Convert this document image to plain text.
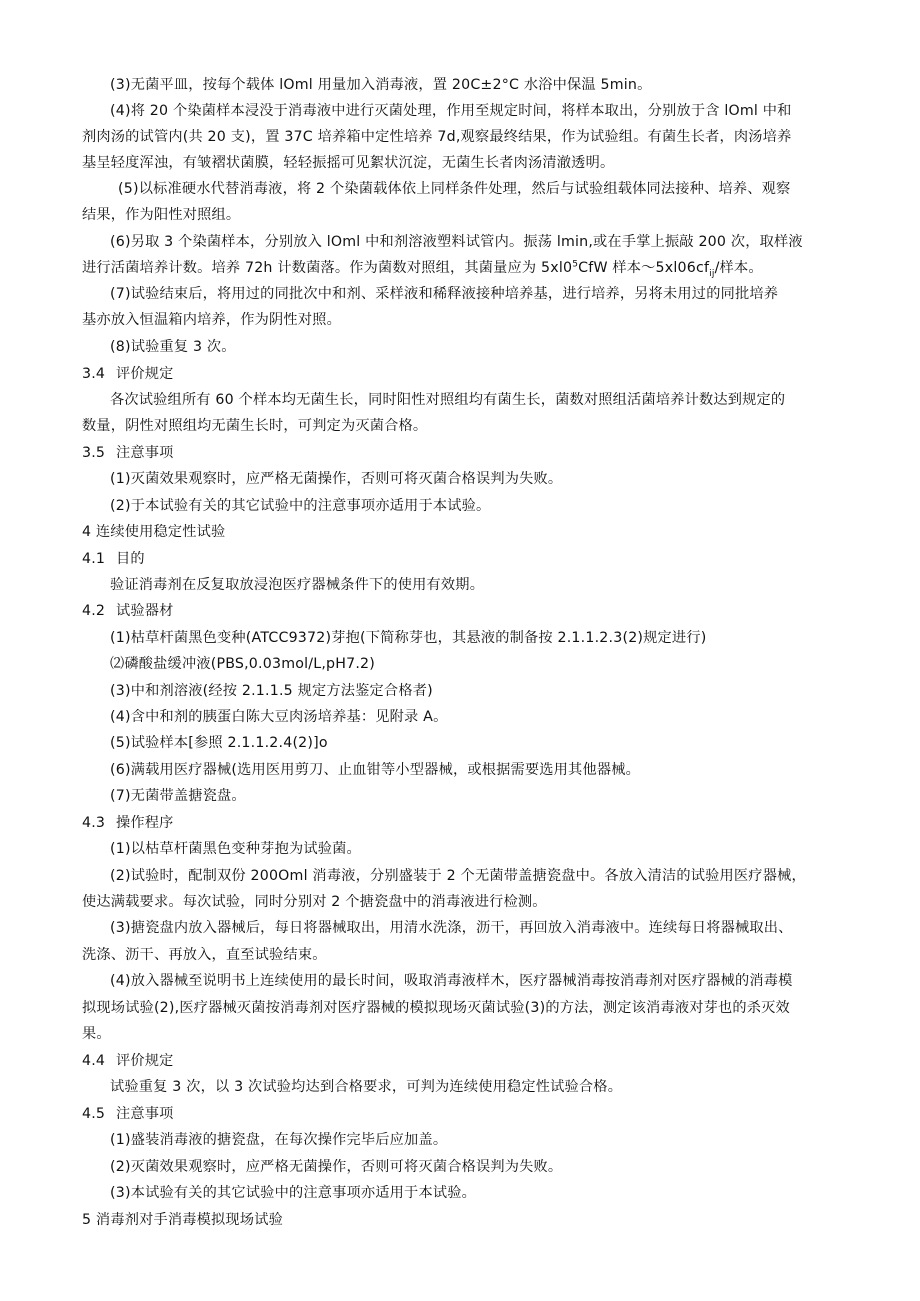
(3)无菌平皿，按每个载体 lOml 用量加入消毒液，置 20C±2°C 水浴中保温 5min。
(4)将 20 个染菌样本浸没于消毒液中进行灭菌处理，作用至规定时间，将样本取出，分别放于含 lOml 中和
剂肉汤的试管内(共 20 支)，置 37C 培养箱中定性培养 7d,观察最终结果，作为试验组。有菌生长者，肉汤培养
基呈轻度浑浊，有皱褶状菌膜，轻轻振摇可见絮状沉淀，无菌生长者肉汤清澈透明。
(5)以标准硬水代替消毒液，将 2 个染菌载体依上同样条件处理，然后与试验组载体同法接种、培养、观察
结果，作为阳性对照组。
(6)另取 3 个染菌样本，分别放入 lOml 中和剂溶液塑料试管内。振荡 lmin,或在手掌上振敲 200 次，取样液
进行活菌培养计数。培养 72h 计数菌落。作为菌数对照组，其菌量应为 $5xl0^5CfW$ 样本$\sim 5xl06cf_{ij}/$样本。
(7)试验结束后，将用过的同批次中和剂、采样液和稀释液接种培养基，进行培养，另将未用过的同批培养
基亦放入恒温箱内培养，作为阴性对照。
(8)试验重复 3 次。
3.4 评价规定
各次试验组所有 60 个样本均无菌生长，同时阳性对照组均有菌生长，菌数对照组活菌培养计数达到规定的
数量，阴性对照组均无菌生长时，可判定为灭菌合格。
3.5 注意事项
(1)灭菌效果观察时，应严格无菌操作，否则可将灭菌合格误判为失败。
(2)于本试验有关的其它试验中的注意事项亦适用于本试验。
4 连续使用稳定性试验
4.1 目的
验证消毒剂在反复取放浸泡医疗器械条件下的使用有效期。
4.2 试验器材
(1)枯草杆菌黑色变种(ATCC9372)芽抱(下简称芽也，其悬液的制备按 2.1.1.2.3(2)规定进行)
⑵磷酸盐缓冲液(PBS,0.03mol∕L,pH7.2)
(3)中和剂溶液(经按 2.1.1.5 规定方法鉴定合格者)
(4)含中和剂的胰蛋白陈大豆肉汤培养基：见附录 A。
(5)试验样本[参照 2.1.1.2.4(2)]o
(6)满载用医疗器械(选用医用剪刀、止血钳等小型器械，或根据需要选用其他器械。
(7)无菌带盖搪瓷盘。
4.3 操作程序
(1)以枯草杆菌黑色变种芽抱为试验菌。
(2)试验时，配制双份 200Oml 消毒液，分别盛装于 2 个无菌带盖搪瓷盘中。各放入清洁的试验用医疗器械，
使达满载要求。每次试验，同时分别对 2 个搪瓷盘中的消毒液进行检测。
(3)搪瓷盘内放入器械后，每日将器械取出，用清水洗涤，沥干，再回放入消毒液中。连续每日将器械取出、
洗涤、沥干、再放入，直至试验结束。
(4)放入器械至说明书上连续使用的最长时间，吸取消毒液样木，医疗器械消毒按消毒剂对医疗器械的消毒模
拟现场试验(2),医疗器械灭菌按消毒剂对医疗器械的模拟现场灭菌试验(3)的方法，测定该消毒液对芽也的杀灭效
果。
4.4 评价规定
试验重复 3 次，以 3 次试验均达到合格要求，可判为连续使用稳定性试验合格。
4.5 注意事项
(1)盛装消毒液的搪瓷盘，在每次操作完毕后应加盖。
(2)灭菌效果观察时，应严格无菌操作，否则可将灭菌合格误判为失败。
(3)本试验有关的其它试验中的注意事项亦适用于本试验。
5 消毒剂对手消毒模拟现场试验
